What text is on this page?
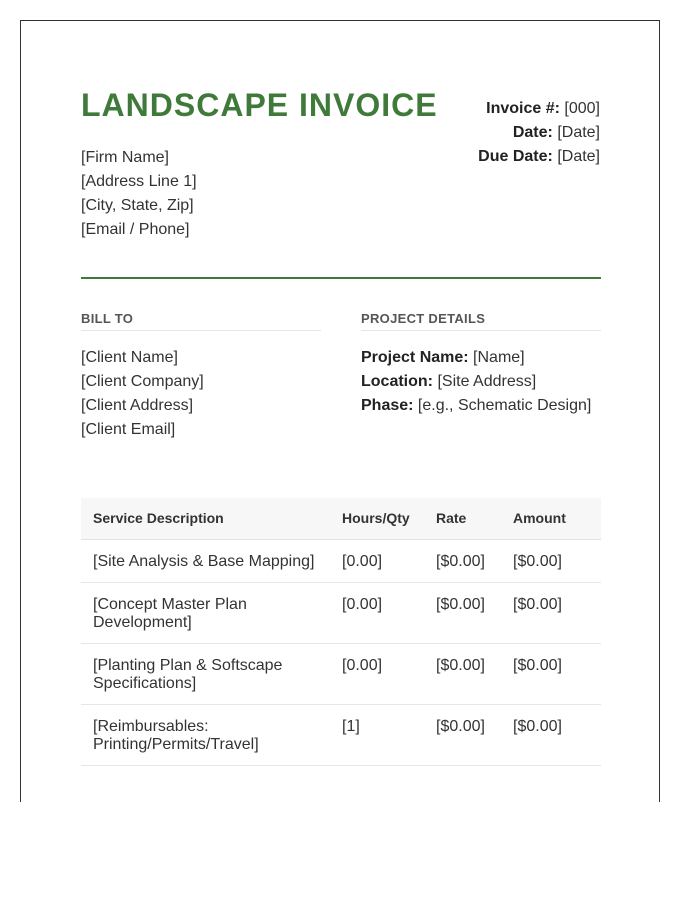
LANDSCAPE INVOICE
[Firm Name]
[Address Line 1]
[City, State, Zip]
[Email / Phone]
Invoice #: [000]
Date: [Date]
Due Date: [Date]
BILL TO	PROJECT DETAILS
[Client Name]
[Client Company]
[Client Address]
[Client Email]
Project Name: [Name]
Location: [Site Address]
Phase: [e.g., Schematic Design]
Service Description	Hours/Qty	Rate	Amount
[Site Analysis & Base Mapping]	[0.00]	[$0.00]	[$0.00]
[Concept Master Plan Development]	[0.00]	[$0.00]	[$0.00]
[Planting Plan & Softscape Specifications]	[0.00]	[$0.00]	[$0.00]
[Reimbursables: Printing/Permits/Travel]	[1]	[$0.00]	[$0.00]
